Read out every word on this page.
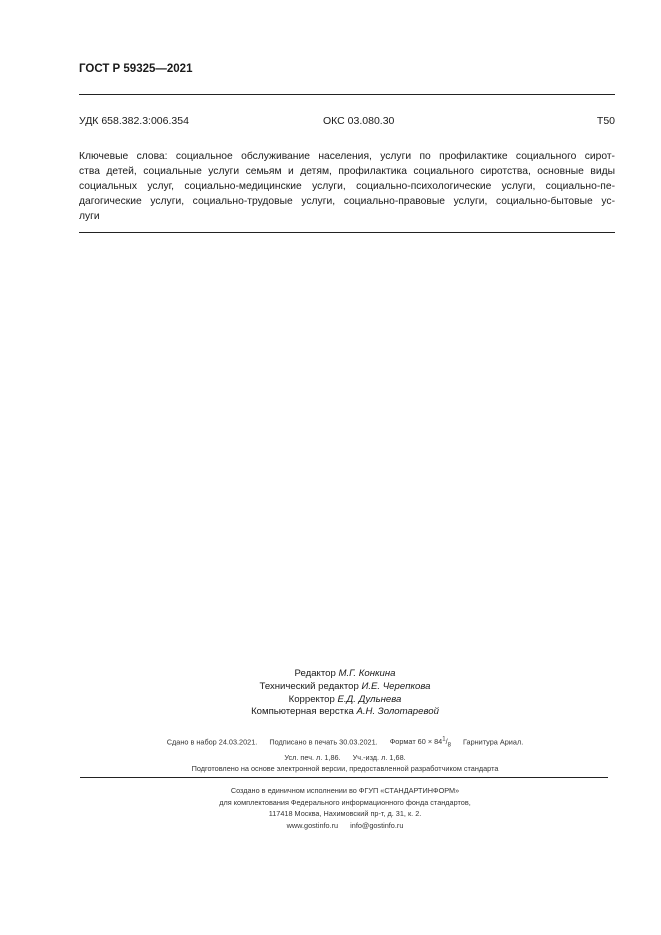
ГОСТ Р 59325—2021
УДК 658.382.3:006.354	ОКС 03.080.30	Т50
Ключевые слова: социальное обслуживание населения, услуги по профилактике социального сирот-
ства детей, социальные услуги семьям и детям, профилактика социального сиротства, основные виды
социальных услуг, социально-медицинские услуги, социально-психологические услуги, социально-пе-
дагогические услуги, социально-трудовые услуги, социально-правовые услуги, социально-бытовые ус-
луги
Редактор М.Г. Конкина
Технический редактор И.Е. Черепкова
Корректор Е.Д. Дульнева
Компьютерная верстка А.Н. Золотаревой
Сдано в набор 24.03.2021. Подписано в печать 30.03.2021. Формат $60 \times 84^1/_8$ Гарнитура Ариал.
Усл. печ. л. 1,86. Уч.-изд. л. 1,68.
Подготовлено на основе электронной версии, предоставленной разработчиком стандарта
Создано в единичном исполнении во ФГУП «СТАНДАРТИНФОРМ»
для комплектования Федерального информационного фонда стандартов,
117418 Москва, Нахимовский пр-т, д. 31, к. 2.
www.gostinfo.ru info@gostinfo.ru
